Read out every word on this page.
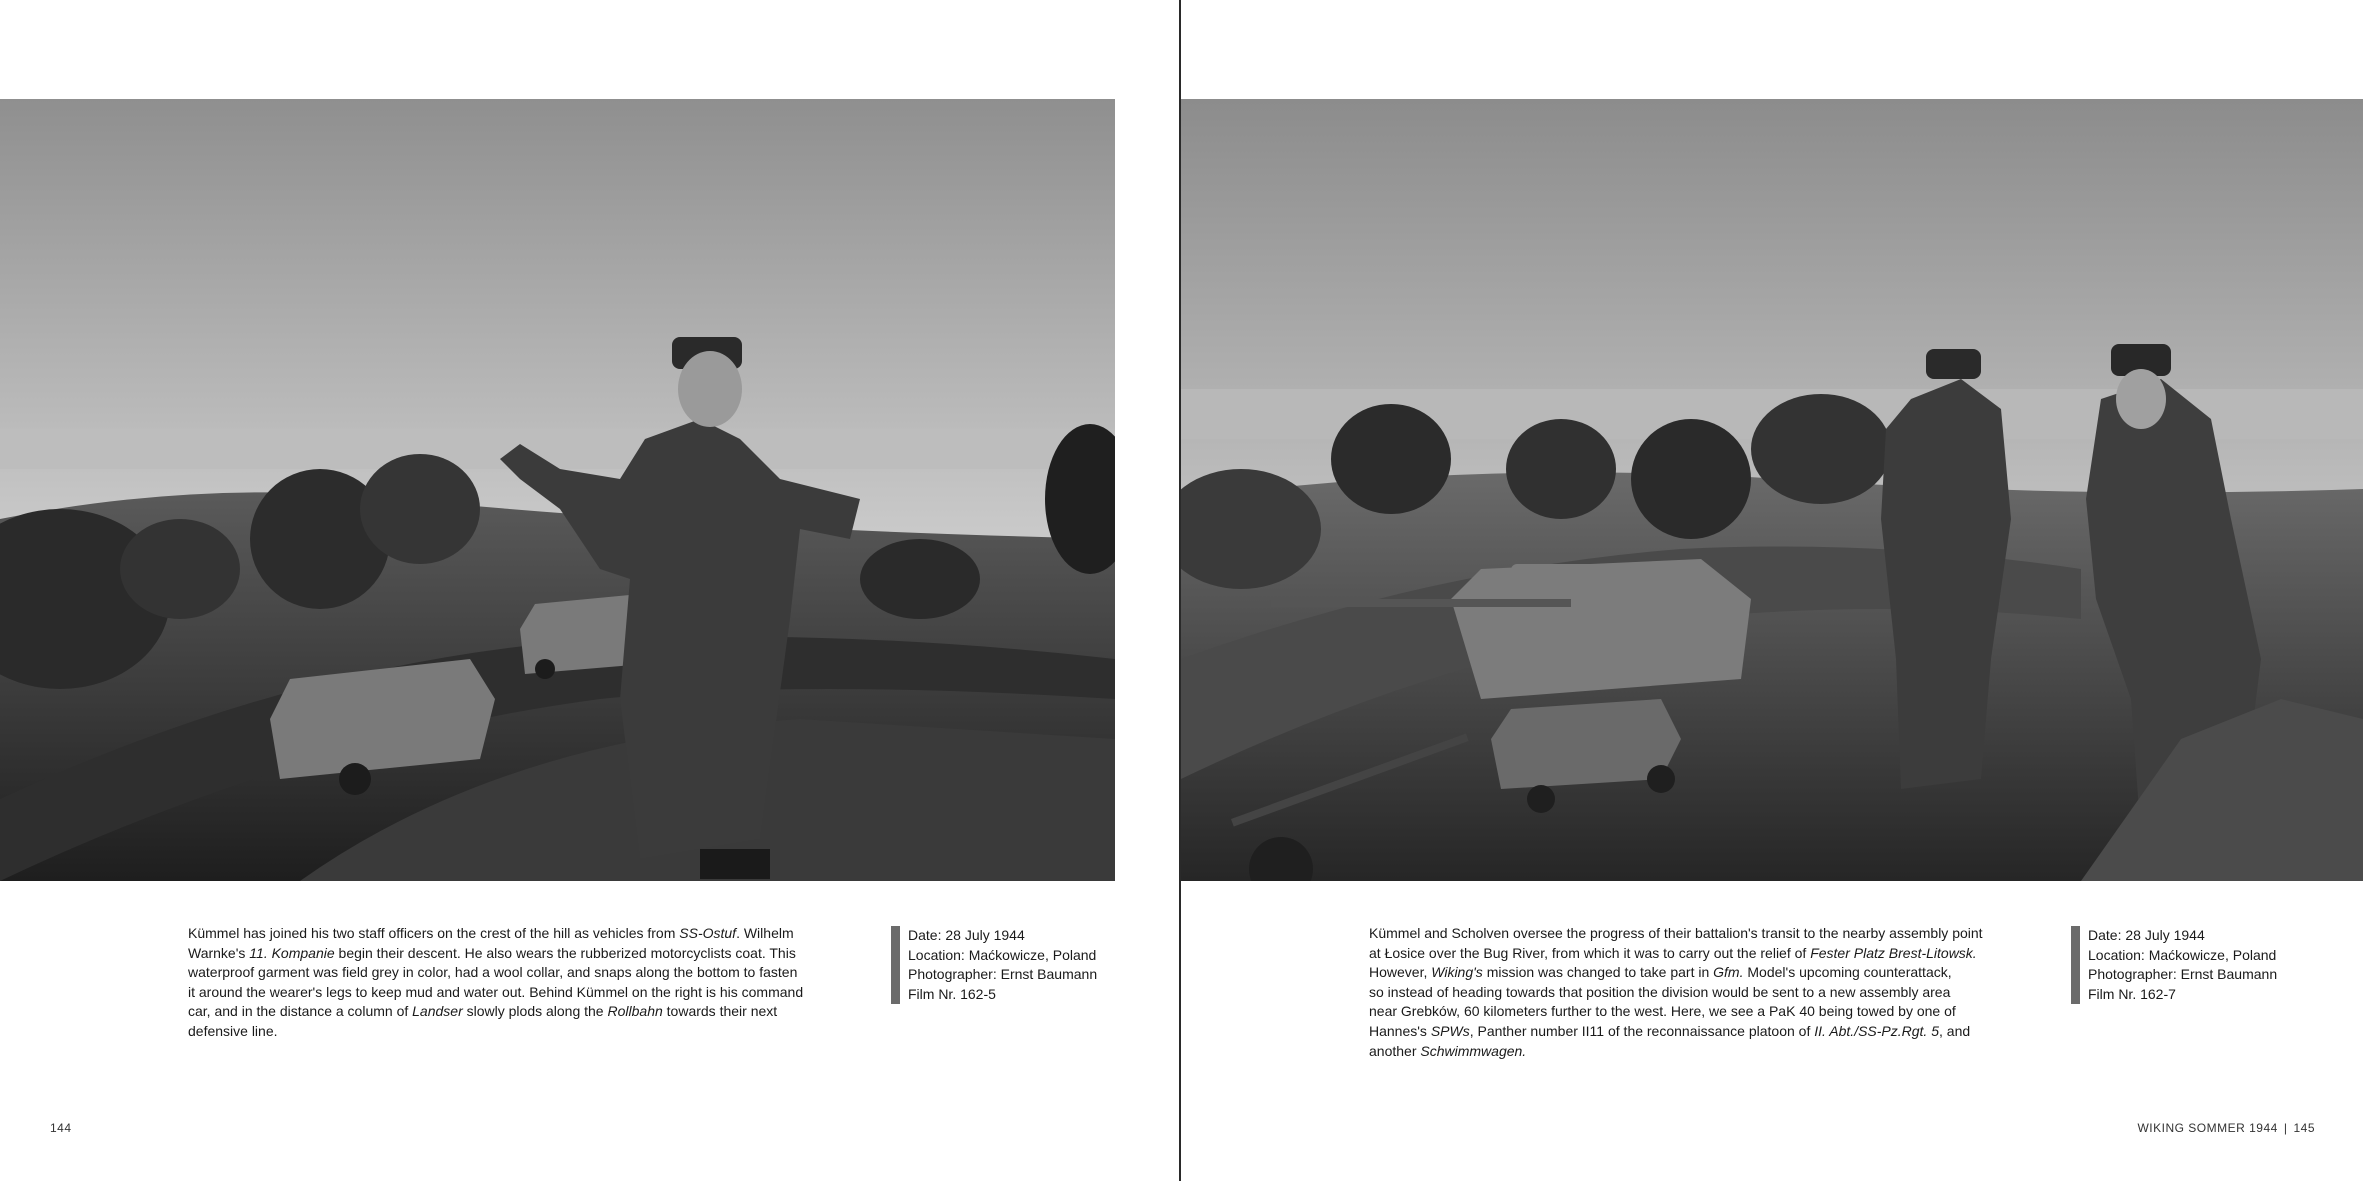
Kümmel has joined his two staff officers on the crest of the hill as vehicles from SS-Ostuf. Wilhelm
Warnke's 11. Kompanie begin their descent. He also wears the rubberized motorcyclists coat. This
waterproof garment was field grey in color, had a wool collar, and snaps along the bottom to fasten
it around the wearer's legs to keep mud and water out. Behind Kümmel on the right is his command
car, and in the distance a column of Landser slowly plods along the Rollbahn towards their next
defensive line.

Date: 28 July 1944
Location: Maćkowicze, Poland
Photographer: Ernst Baumann
Film Nr. 162-5
144

Kümmel and Scholven oversee the progress of their battalion's transit to the nearby assembly point
at Łosice over the Bug River, from which it was to carry out the relief of Fester Platz Brest-Litowsk.
However, Wiking's mission was changed to take part in Gfm. Model's upcoming counterattack,
so instead of heading towards that position the division would be sent to a new assembly area
near Grebków, 60 kilometers further to the west. Here, we see a PaK 40 being towed by one of
Hannes's SPWs, Panther number II11 of the reconnaissance platoon of II. Abt./SS-Pz.Rgt. 5, and
another Schwimmwagen.

Date: 28 July 1944
Location: Maćkowicze, Poland
Photographer: Ernst Baumann
Film Nr. 162-7
WIKING SOMMER 1944 | 145
